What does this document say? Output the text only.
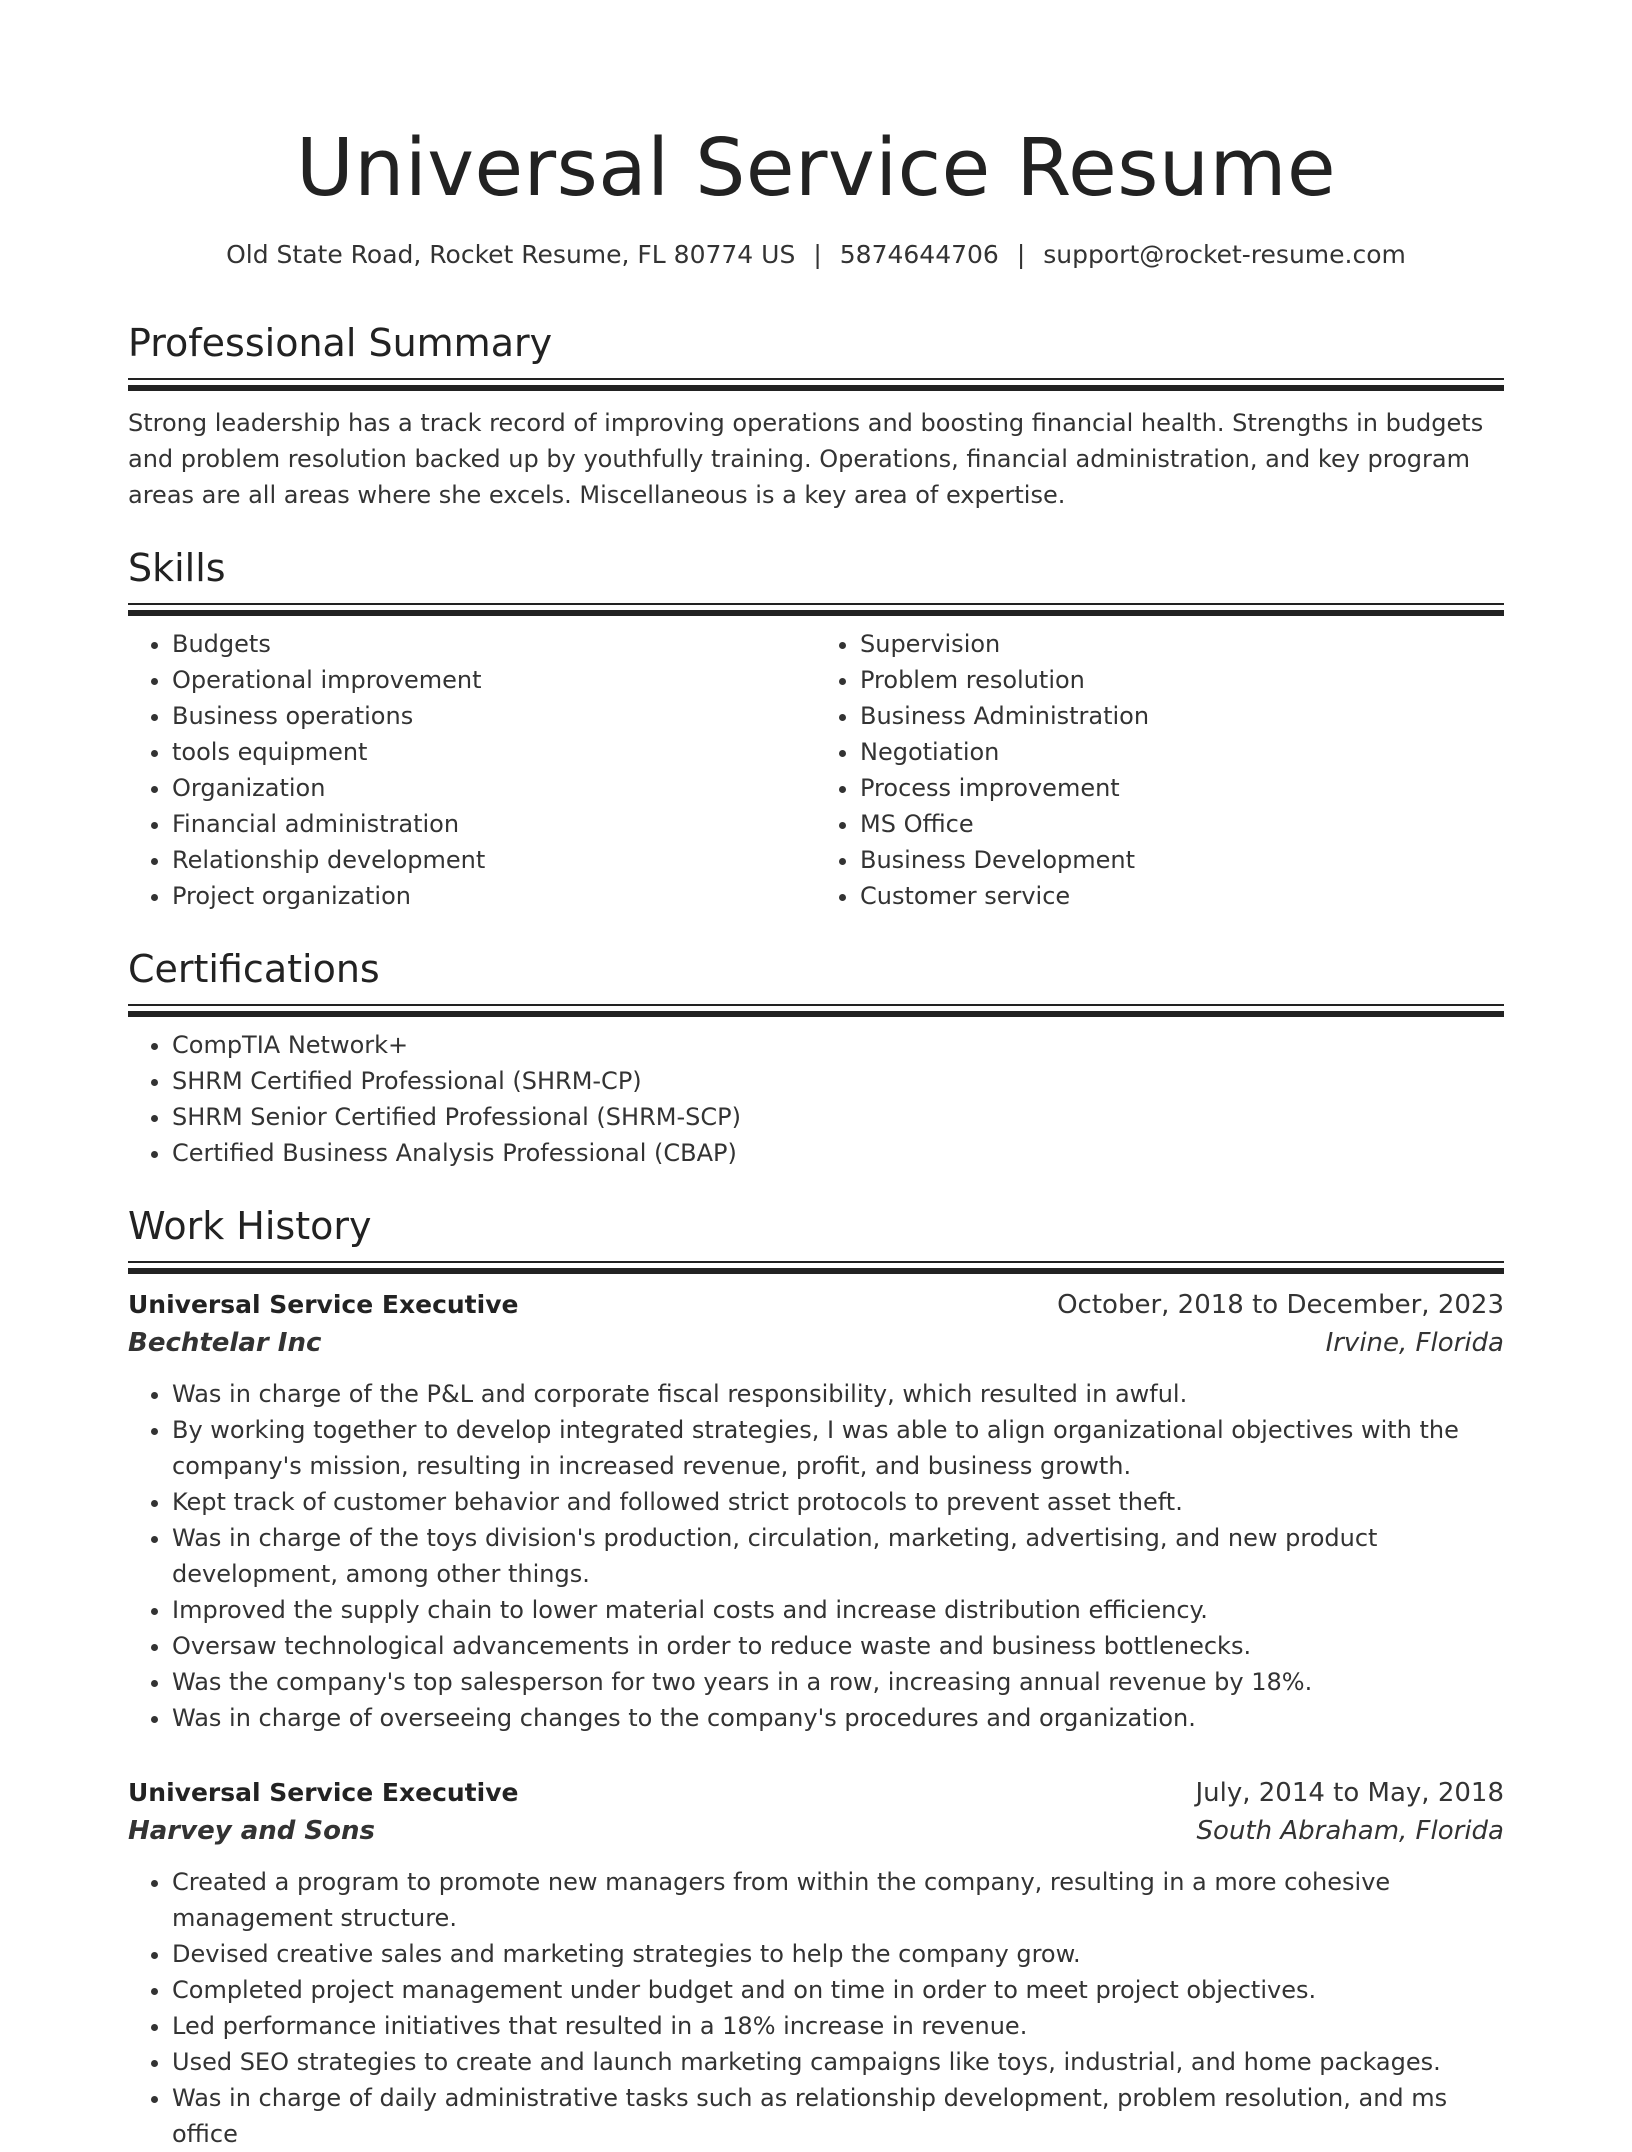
Universal Service Resume
Old State Road, Rocket Resume, FL 80774 US | 5874644706 | support@rocket-resume.com
Professional Summary

Strong leadership has a track record of improving operations and boosting financial health. Strengths in budgets and problem resolution backed up by youthfully training. Operations, financial administration, and key program areas are all areas where she excels. Miscellaneous is a key area of expertise.

Skills
• Budgets
• Operational improvement
• Business operations
• tools equipment
• Organization
• Financial administration
• Relationship development
• Project organization
• Supervision
• Problem resolution
• Business Administration
• Negotiation
• Process improvement
• MS Office
• Business Development
• Customer service
Certifications
• CompTIA Network+
• SHRM Certified Professional (SHRM-CP)
• SHRM Senior Certified Professional (SHRM-SCP)
• Certified Business Analysis Professional (CBAP)
Work History
Universal Service Executive	October, 2018 to December, 2023
Bechtelar Inc	Irvine, Florida
• Was in charge of the P&L and corporate fiscal responsibility, which resulted in awful.
• By working together to develop integrated strategies, I was able to align organizational objectives with the company's mission, resulting in increased revenue, profit, and business growth.
• Kept track of customer behavior and followed strict protocols to prevent asset theft.
• Was in charge of the toys division's production, circulation, marketing, advertising, and new product development, among other things.
• Improved the supply chain to lower material costs and increase distribution efficiency.
• Oversaw technological advancements in order to reduce waste and business bottlenecks.
• Was the company's top salesperson for two years in a row, increasing annual revenue by 18%.
• Was in charge of overseeing changes to the company's procedures and organization.
Universal Service Executive	July, 2014 to May, 2018
Harvey and Sons	South Abraham, Florida
• Created a program to promote new managers from within the company, resulting in a more cohesive management structure.
• Devised creative sales and marketing strategies to help the company grow.
• Completed project management under budget and on time in order to meet project objectives.
• Led performance initiatives that resulted in a 18% increase in revenue.
• Used SEO strategies to create and launch marketing campaigns like toys, industrial, and home packages.
• Was in charge of daily administrative tasks such as relationship development, problem resolution, and ms office
